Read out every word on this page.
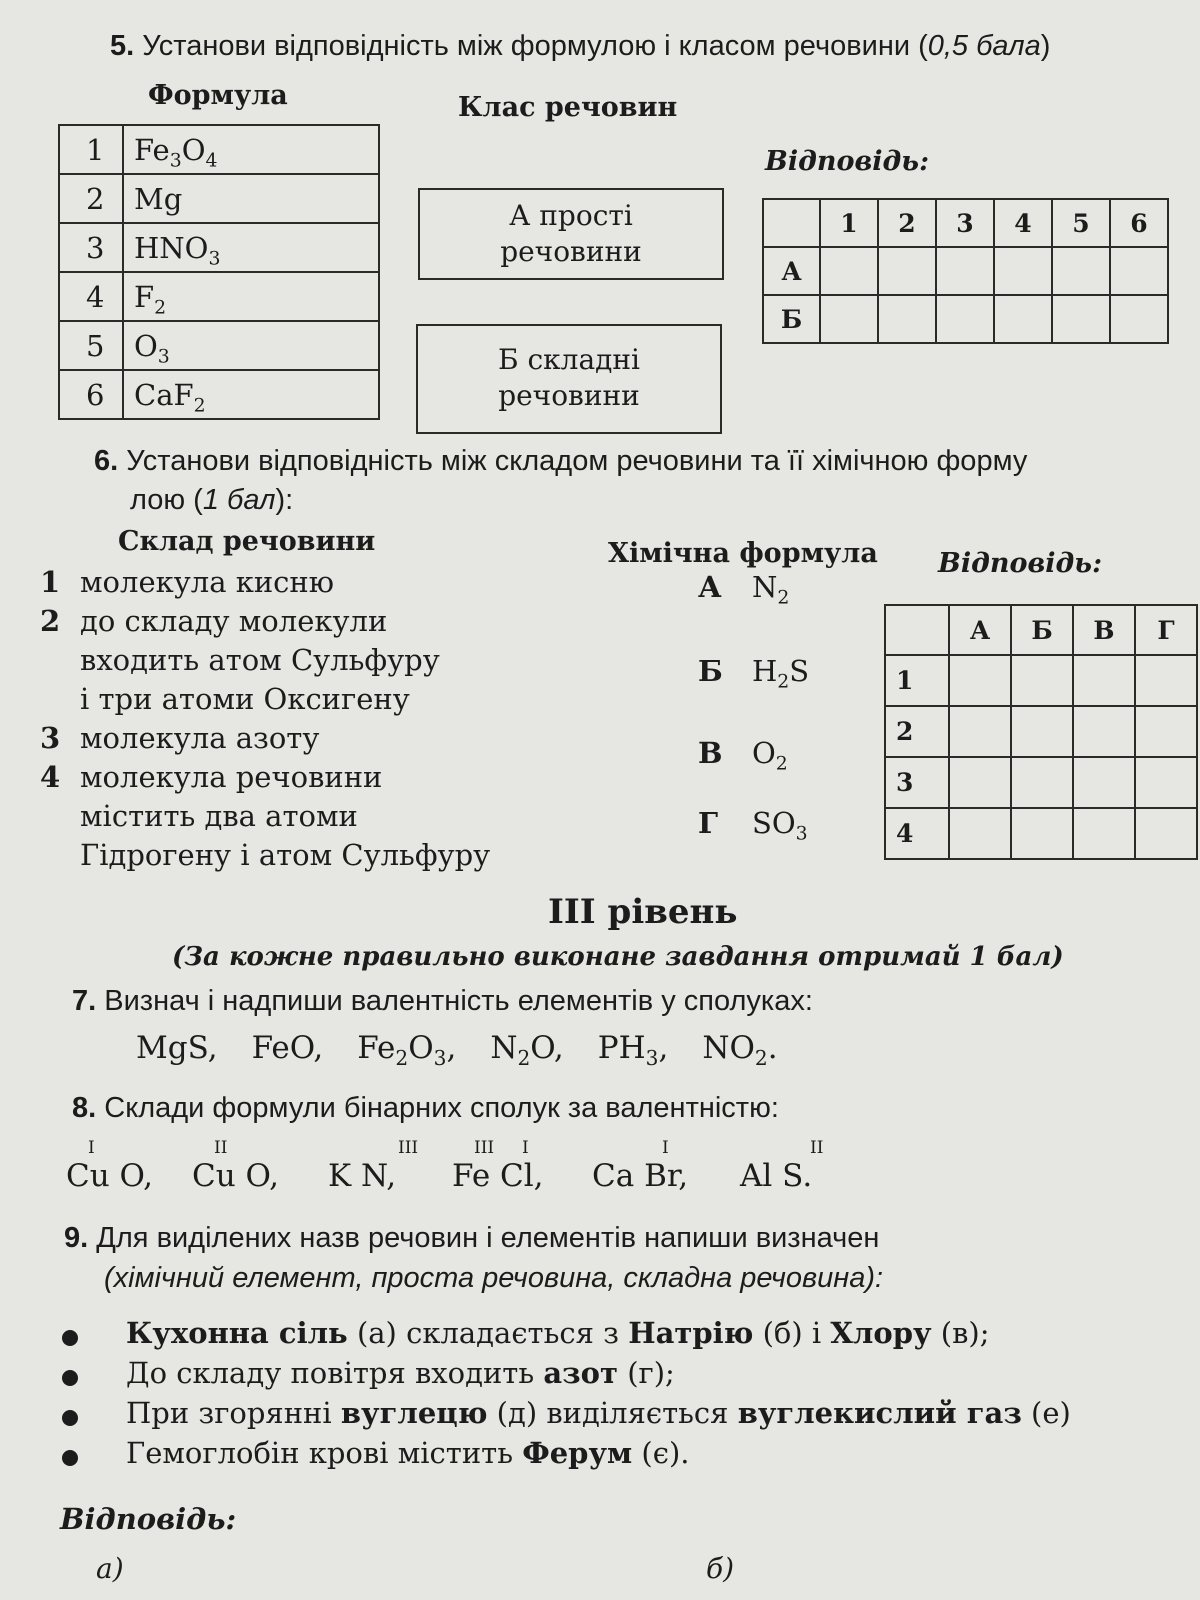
5. Установи відповідність між формулою і класом речовини (0,5 бала)
Формула	Клас речовин
1	$Fe_3O_4$
2	Mg
3	$HNO_3$
4	$F_2$
5	$O_3$
6	CaF$_2$
А прості
речовини
Б складні
речовини
Відповідь:
	1	2	3	4	5	6
А						
Б						
6. Установи відповідність між складом речовини та її хімічною форму
лою (1 бал):
Склад речовини	Хімічна формула Відповідь:
1 молекула кисню
2 до складу молекули
входить атом Сульфуру
і три атоми Оксигену
3 молекула азоту
4 молекула речовини
містить два атоми
Гідрогену і атом Сульфуру
А $N_2$
Б $H_2S$
В $O_2$
Г $SO_3$
	А	Б	В	Г
1				
2				
3				
4				
III рівень
(За кожне правильно виконане завдання отримай 1 бал)
7. Визнач і надпиши валентність елементів у сполуках:
MgS, FeO, $Fe_2O_3$, $N_2O$, $PH_3$, $NO_2$.
8. Склади формули бінарних сполук за валентністю:
I
Cu O,
II
Cu O,
III
K N,
III I
Fe Cl,
I
Ca Br,
II
Al S.
9. Для виділених назв речовин і елементів напиши визначен
(хімічний елемент, проста речовина, складна речовина):
Кухонна сіль (а) складається з Натрію (б) і Хлору (в);
До складу повітря входить азот (г);
При згорянні вуглецю (д) виділяється вуглекислий газ (е)
Гемоглобін крові містить Ферум (є).
Відповідь:
а)	б)
